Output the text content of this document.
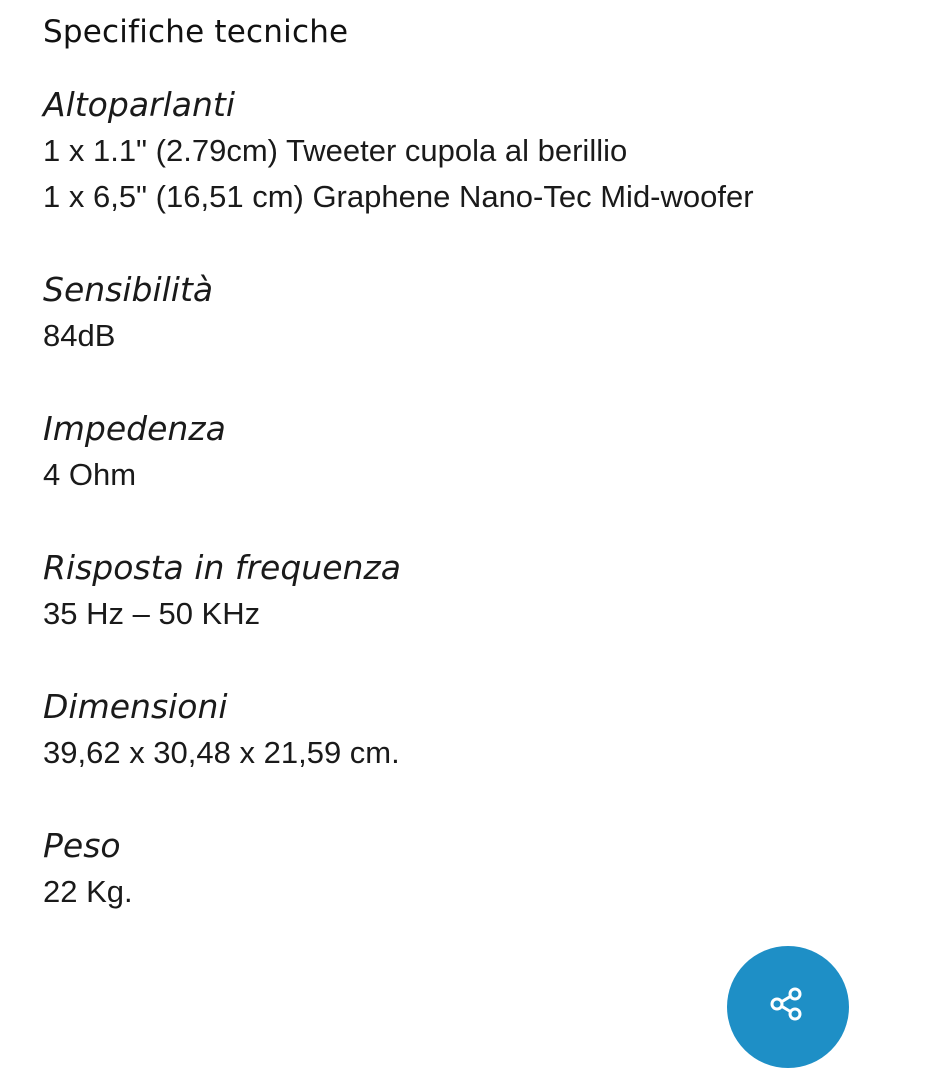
Specifiche tecniche
Altoparlanti
1 x 1.1" (2.79cm) Tweeter cupola al berillio
1 x 6,5" (16,51 cm) Graphene Nano-Tec Mid-woofer
Sensibilità
84dB
Impedenza
4 Ohm
Risposta in frequenza
35 Hz – 50 KHz
Dimensioni
39,62 x 30,48 x 21,59 cm.
Peso
22 Kg.
